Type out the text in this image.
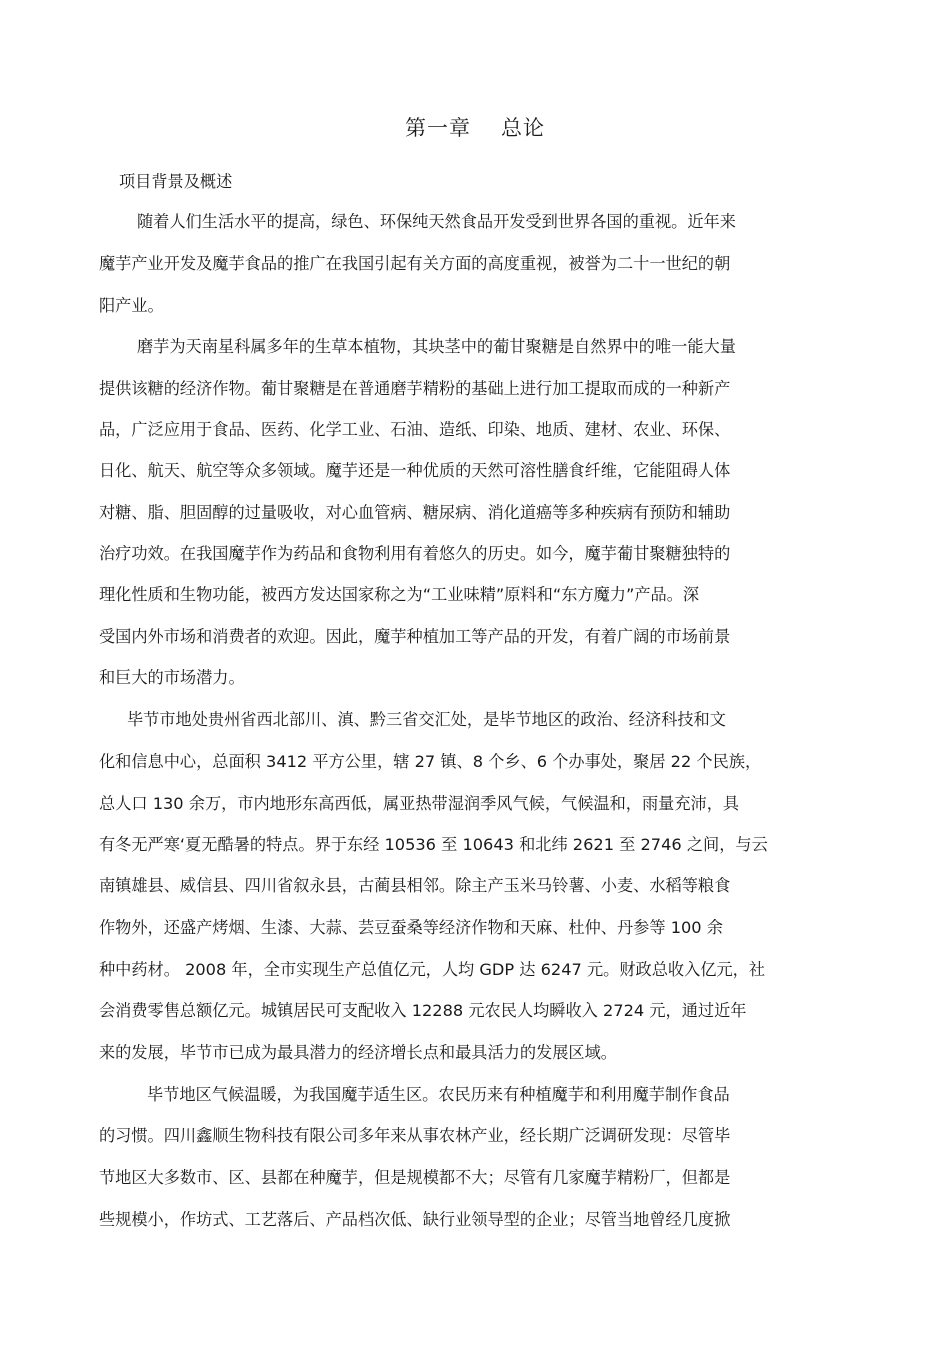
第一章 总论

项目背景及概述

随着人们生活水平的提高，绿色、环保纯天然食品开发受到世界各国的重视。近年来

魔芋产业开发及魔芋食品的推广在我国引起有关方面的高度重视，被誉为二十一世纪的朝

阳产业。

磨芋为天南星科属多年的生草本植物，其块茎中的葡甘聚糖是自然界中的唯一能大量

提供该糖的经济作物。葡甘聚糖是在普通磨芋精粉的基础上进行加工提取而成的一种新产

品，广泛应用于食品、医药、化学工业、石油、造纸、印染、地质、建材、农业、环保、

日化、航天、航空等众多领域。魔芋还是一种优质的天然可溶性膳食纤维，它能阻碍人体

对糖、脂、胆固醇的过量吸收，对心血管病、糖尿病、消化道癌等多种疾病有预防和辅助

治疗功效。在我国魔芋作为药品和食物利用有着悠久的历史。如今，魔芋葡甘聚糖独特的

理化性质和生物功能，被西方发达国家称之为“工业味精”原料和“东方魔力”产品。深

受国内外市场和消费者的欢迎。因此，魔芋种植加工等产品的开发，有着广阔的市场前景

和巨大的市场潜力。

毕节市地处贵州省西北部川、滇、黔三省交汇处，是毕节地区的政治、经济科技和文

化和信息中心，总面积 3412 平方公里，辖 27 镇、8 个乡、6 个办事处，聚居 22 个民族，

总人口 130 余万，市内地形东高西低，属亚热带湿润季风气候，气候温和，雨量充沛，具

有冬无严寒‘夏无酷暑的特点。界于东经 10536 至 10643 和北纬 2621 至 2746 之间，与云

南镇雄县、威信县、四川省叙永县，古蔺县相邻。除主产玉米马铃薯、小麦、水稻等粮食

作物外，还盛产烤烟、生漆、大蒜、芸豆蚕桑等经济作物和天麻、杜仲、丹参等 100 余

种中药材。 2008 年，全市实现生产总值亿元，人均 GDP 达 6247 元。财政总收入亿元，社

会消费零售总额亿元。城镇居民可支配收入 12288 元农民人均瞬收入 2724 元，通过近年

来的发展，毕节市已成为最具潜力的经济增长点和最具活力的发展区域。

毕节地区气候温暖，为我国魔芋适生区。农民历来有种植魔芋和利用魔芋制作食品

的习惯。四川鑫顺生物科技有限公司多年来从事农林产业，经长期广泛调研发现：尽管毕

节地区大多数市、区、县都在种魔芋，但是规模都不大；尽管有几家魔芋精粉厂，但都是

些规模小，作坊式、工艺落后、产品档次低、缺行业领导型的企业；尽管当地曾经几度掀
